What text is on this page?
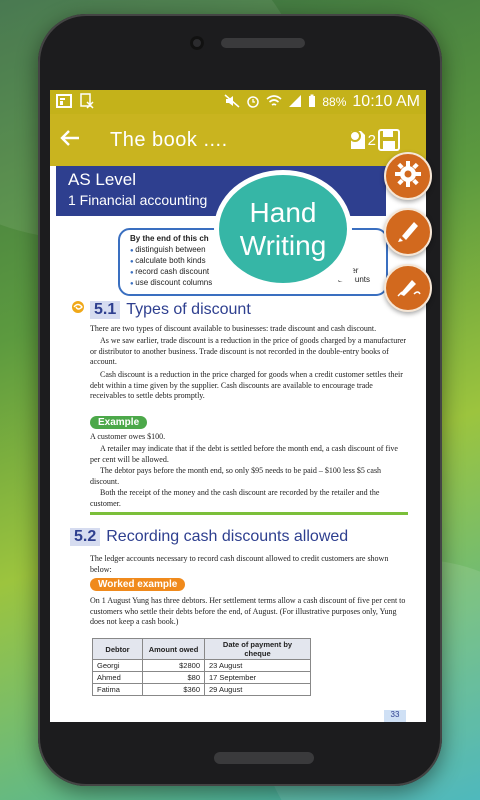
88% 10:10 AM
The book ....	2
AS Level
1 Financial accounting
By the end of this ch
● distinguish between
● calculate both kinds
● record cash discount
● use discount columns
edger accounts
5.1 Types of discount
There are two types of discount available to businesses: trade discount and cash discount.
As we saw earlier, trade discount is a reduction in the price of goods charged by a manufacturer or distributor to another business. Trade discount is not recorded in the double-entry books of account.
Cash discount is a reduction in the price charged for goods when a credit customer settles their debt within a time given by the supplier. Cash discounts are available to encourage trade receivables to settle debts promptly.
Example
A customer owes $100.
A retailer may indicate that if the debt is settled before the month end, a cash discount of five per cent will be allowed.
The debtor pays before the month end, so only $95 needs to be paid – $100 less $5 cash discount.
Both the receipt of the money and the cash discount are recorded by the retailer and the customer.
5.2 Recording cash discounts allowed
The ledger accounts necessary to record cash discount allowed to credit customers are shown below:
Worked example
On 1 August Yung has three debtors. Her settlement terms allow a cash discount of five per cent to customers who settle their debts before the end, of August. (For illustrative purposes only, Yung does not keep a cash book.)
Debtor	Amount owed	Date of payment by cheque
Georgi	$2800	23 August
Ahmed	$80	17 September
Fatima	$360	29 August
33
Hand
Writing
